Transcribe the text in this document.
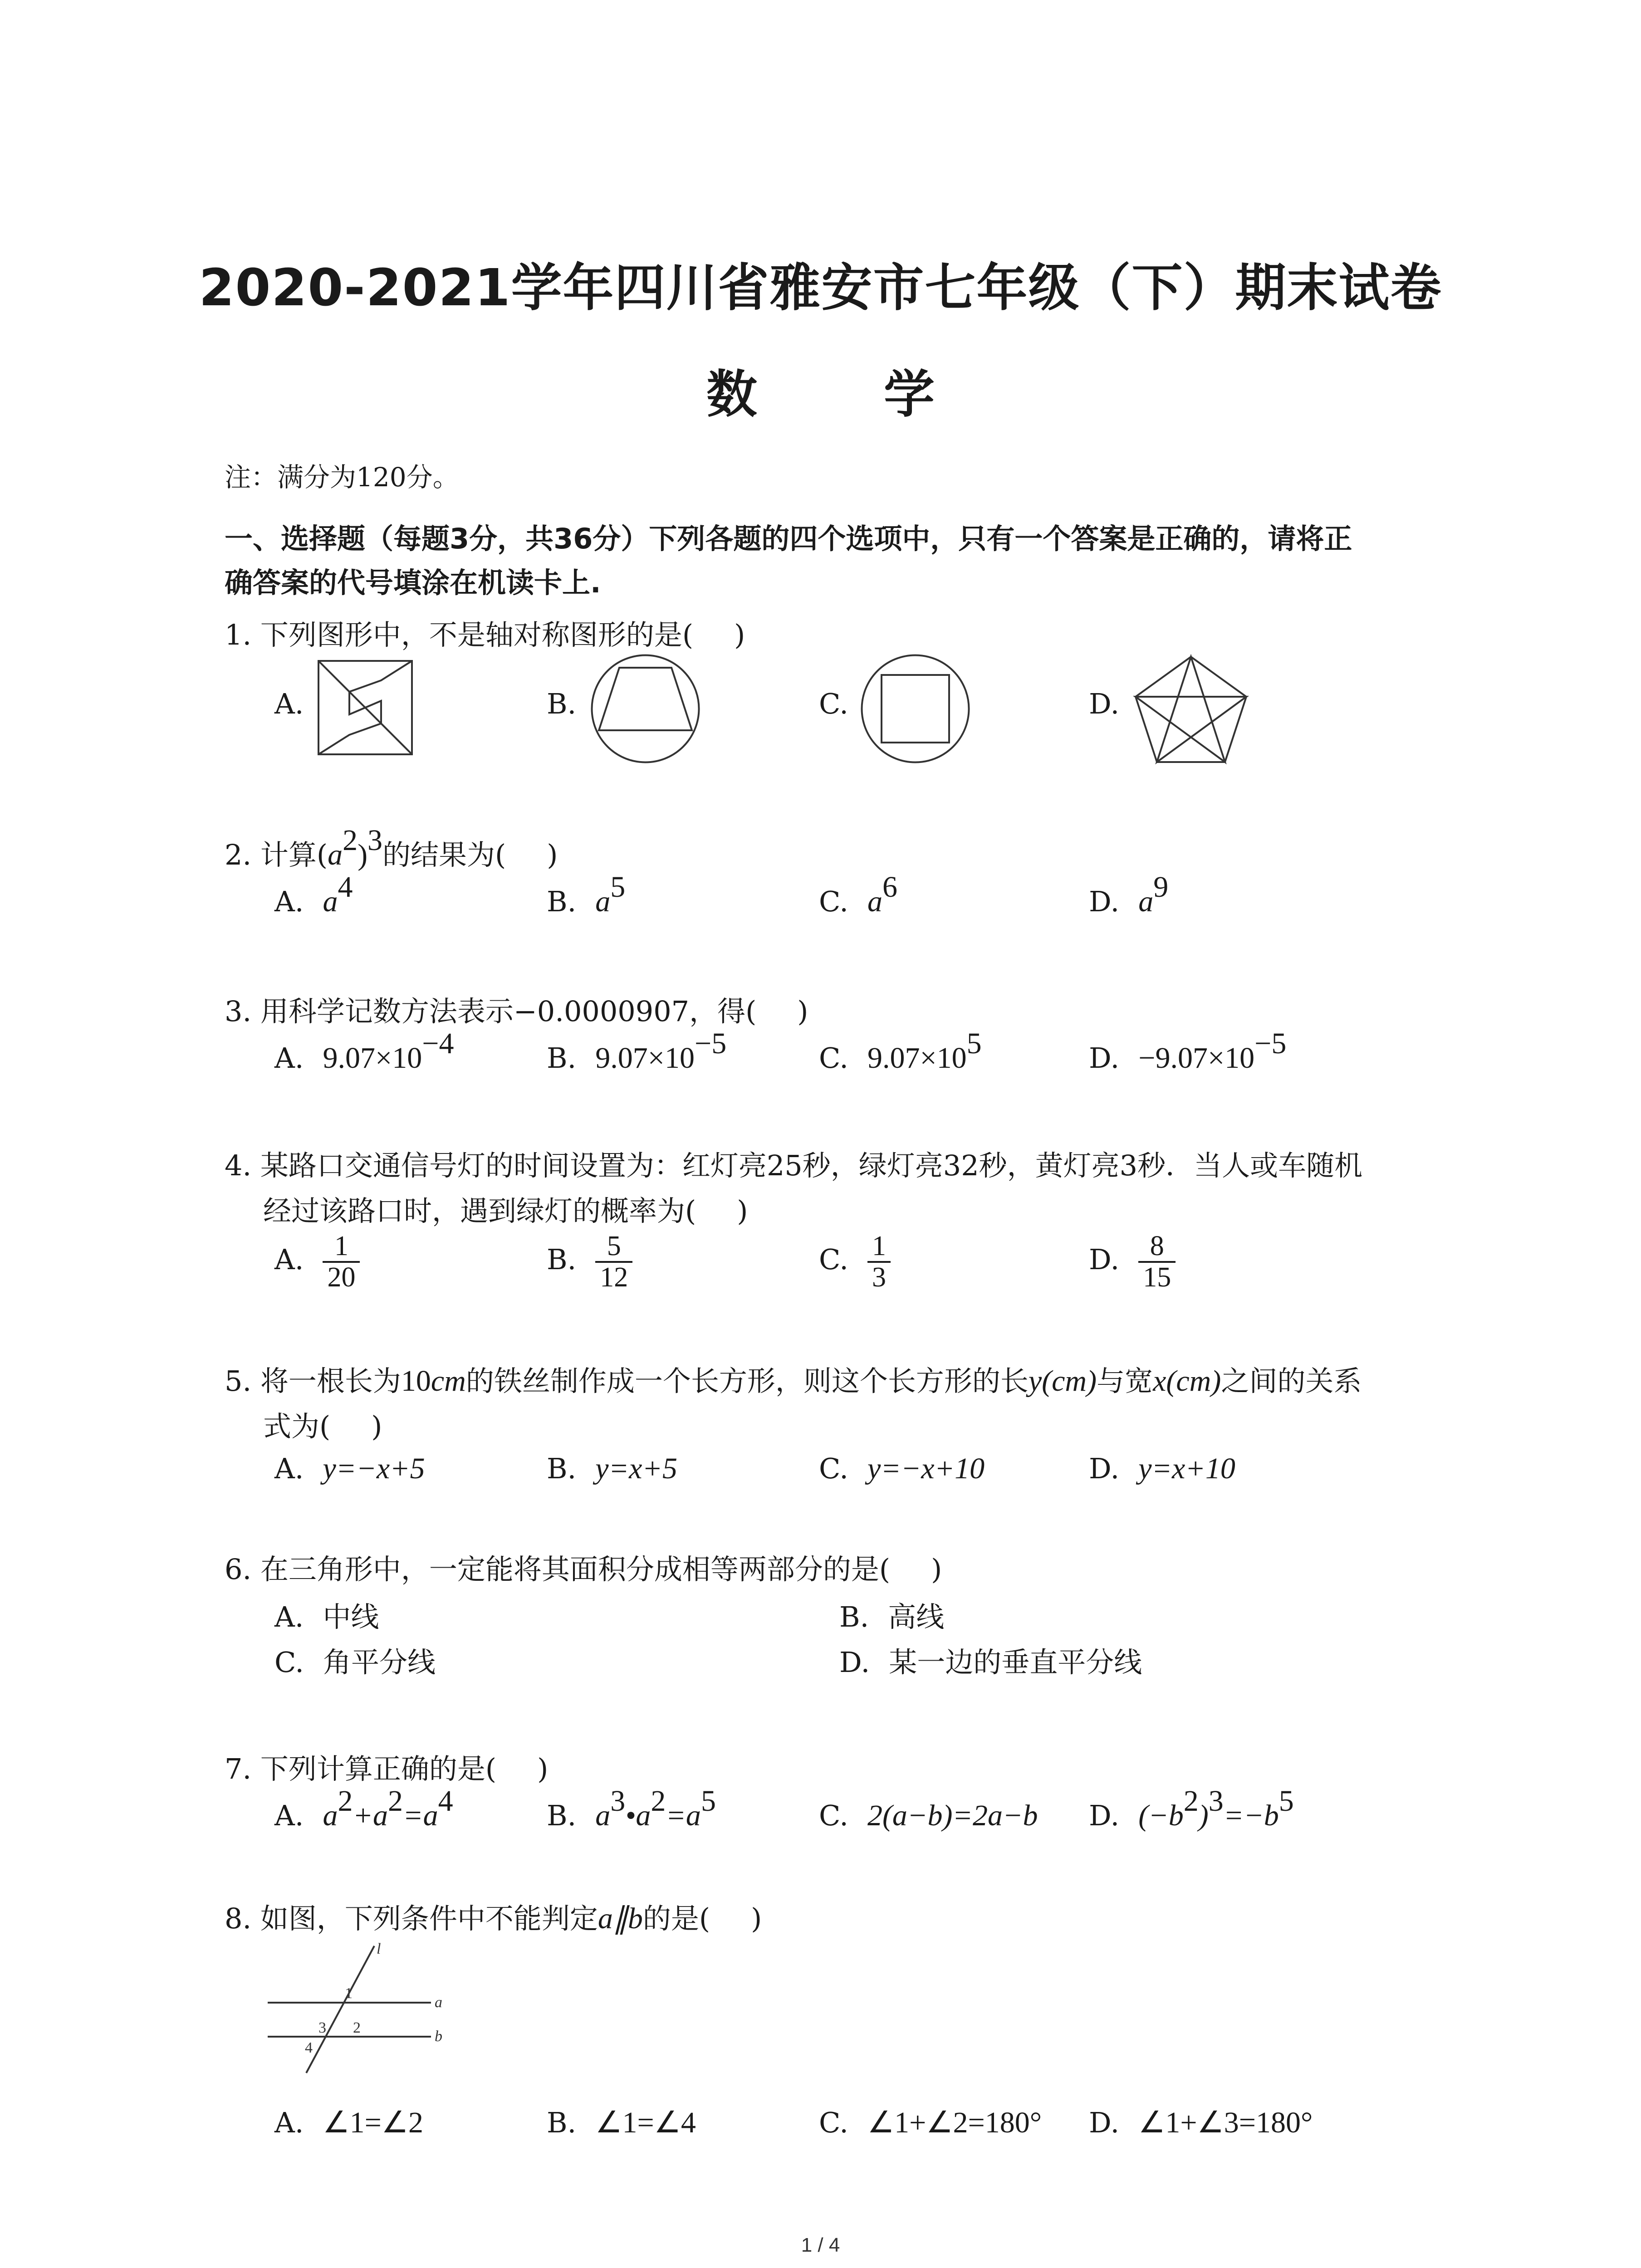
2020-2021学年四川省雅安市七年级（下）期末试卷
数 学
注：满分为120分。
一、选择题（每题3分，共36分）下列各题的四个选项中，只有一个答案是正确的，请将正
确答案的代号填涂在机读卡上.
1. 下列图形中，不是轴对称图形的是( )
A.	B.	C.	D.
2. 计算$(a^2)^3$的结果为( )
A. $a^4$	B. $a^5$	C. $a^6$	D. $a^9$
3. 用科学记数方法表示−0.0000907，得( )
A. $9.07\times 10^{-4}$	B. $9.07\times 10^{-5}$	C. $9.07\times 10^5$	D. $-9.07\times 10^{-5}$
4. 某路口交通信号灯的时间设置为：红灯亮25秒，绿灯亮32秒，黄灯亮3秒．当人或车随机
经过该路口时，遇到绿灯的概率为( )
A. $\frac{1}{20}$	B. $\frac{5}{12}$	C. $\frac{1}{3}$	D. $\frac{8}{15}$
5. 将一根长为10cm的铁丝制作成一个长方形，则这个长方形的长y(cm)与宽x(cm)之间的关系
式为( )
A. y=−x+5	B. y=x+5	C. y=−x+10	D. y=x+10
6. 在三角形中，一定能将其面积分成相等两部分的是( )
A. 中线	B. 高线
C. 角平分线	D. 某一边的垂直平分线
7. 下列计算正确的是( )
A. $a^2+a^2=a^4$	B. $a^3•a^2=a^5$	C. 2(a−b)=2a−b D. $(-b^2)^3=-b^5$
8. 如图，下列条件中不能判定a∥b的是( )
l
a
b
1
2
3
4
A. ∠1=∠2	B. ∠1=∠4	C. ∠1+∠2=180° D. ∠1+∠3=180°
1 / 4
